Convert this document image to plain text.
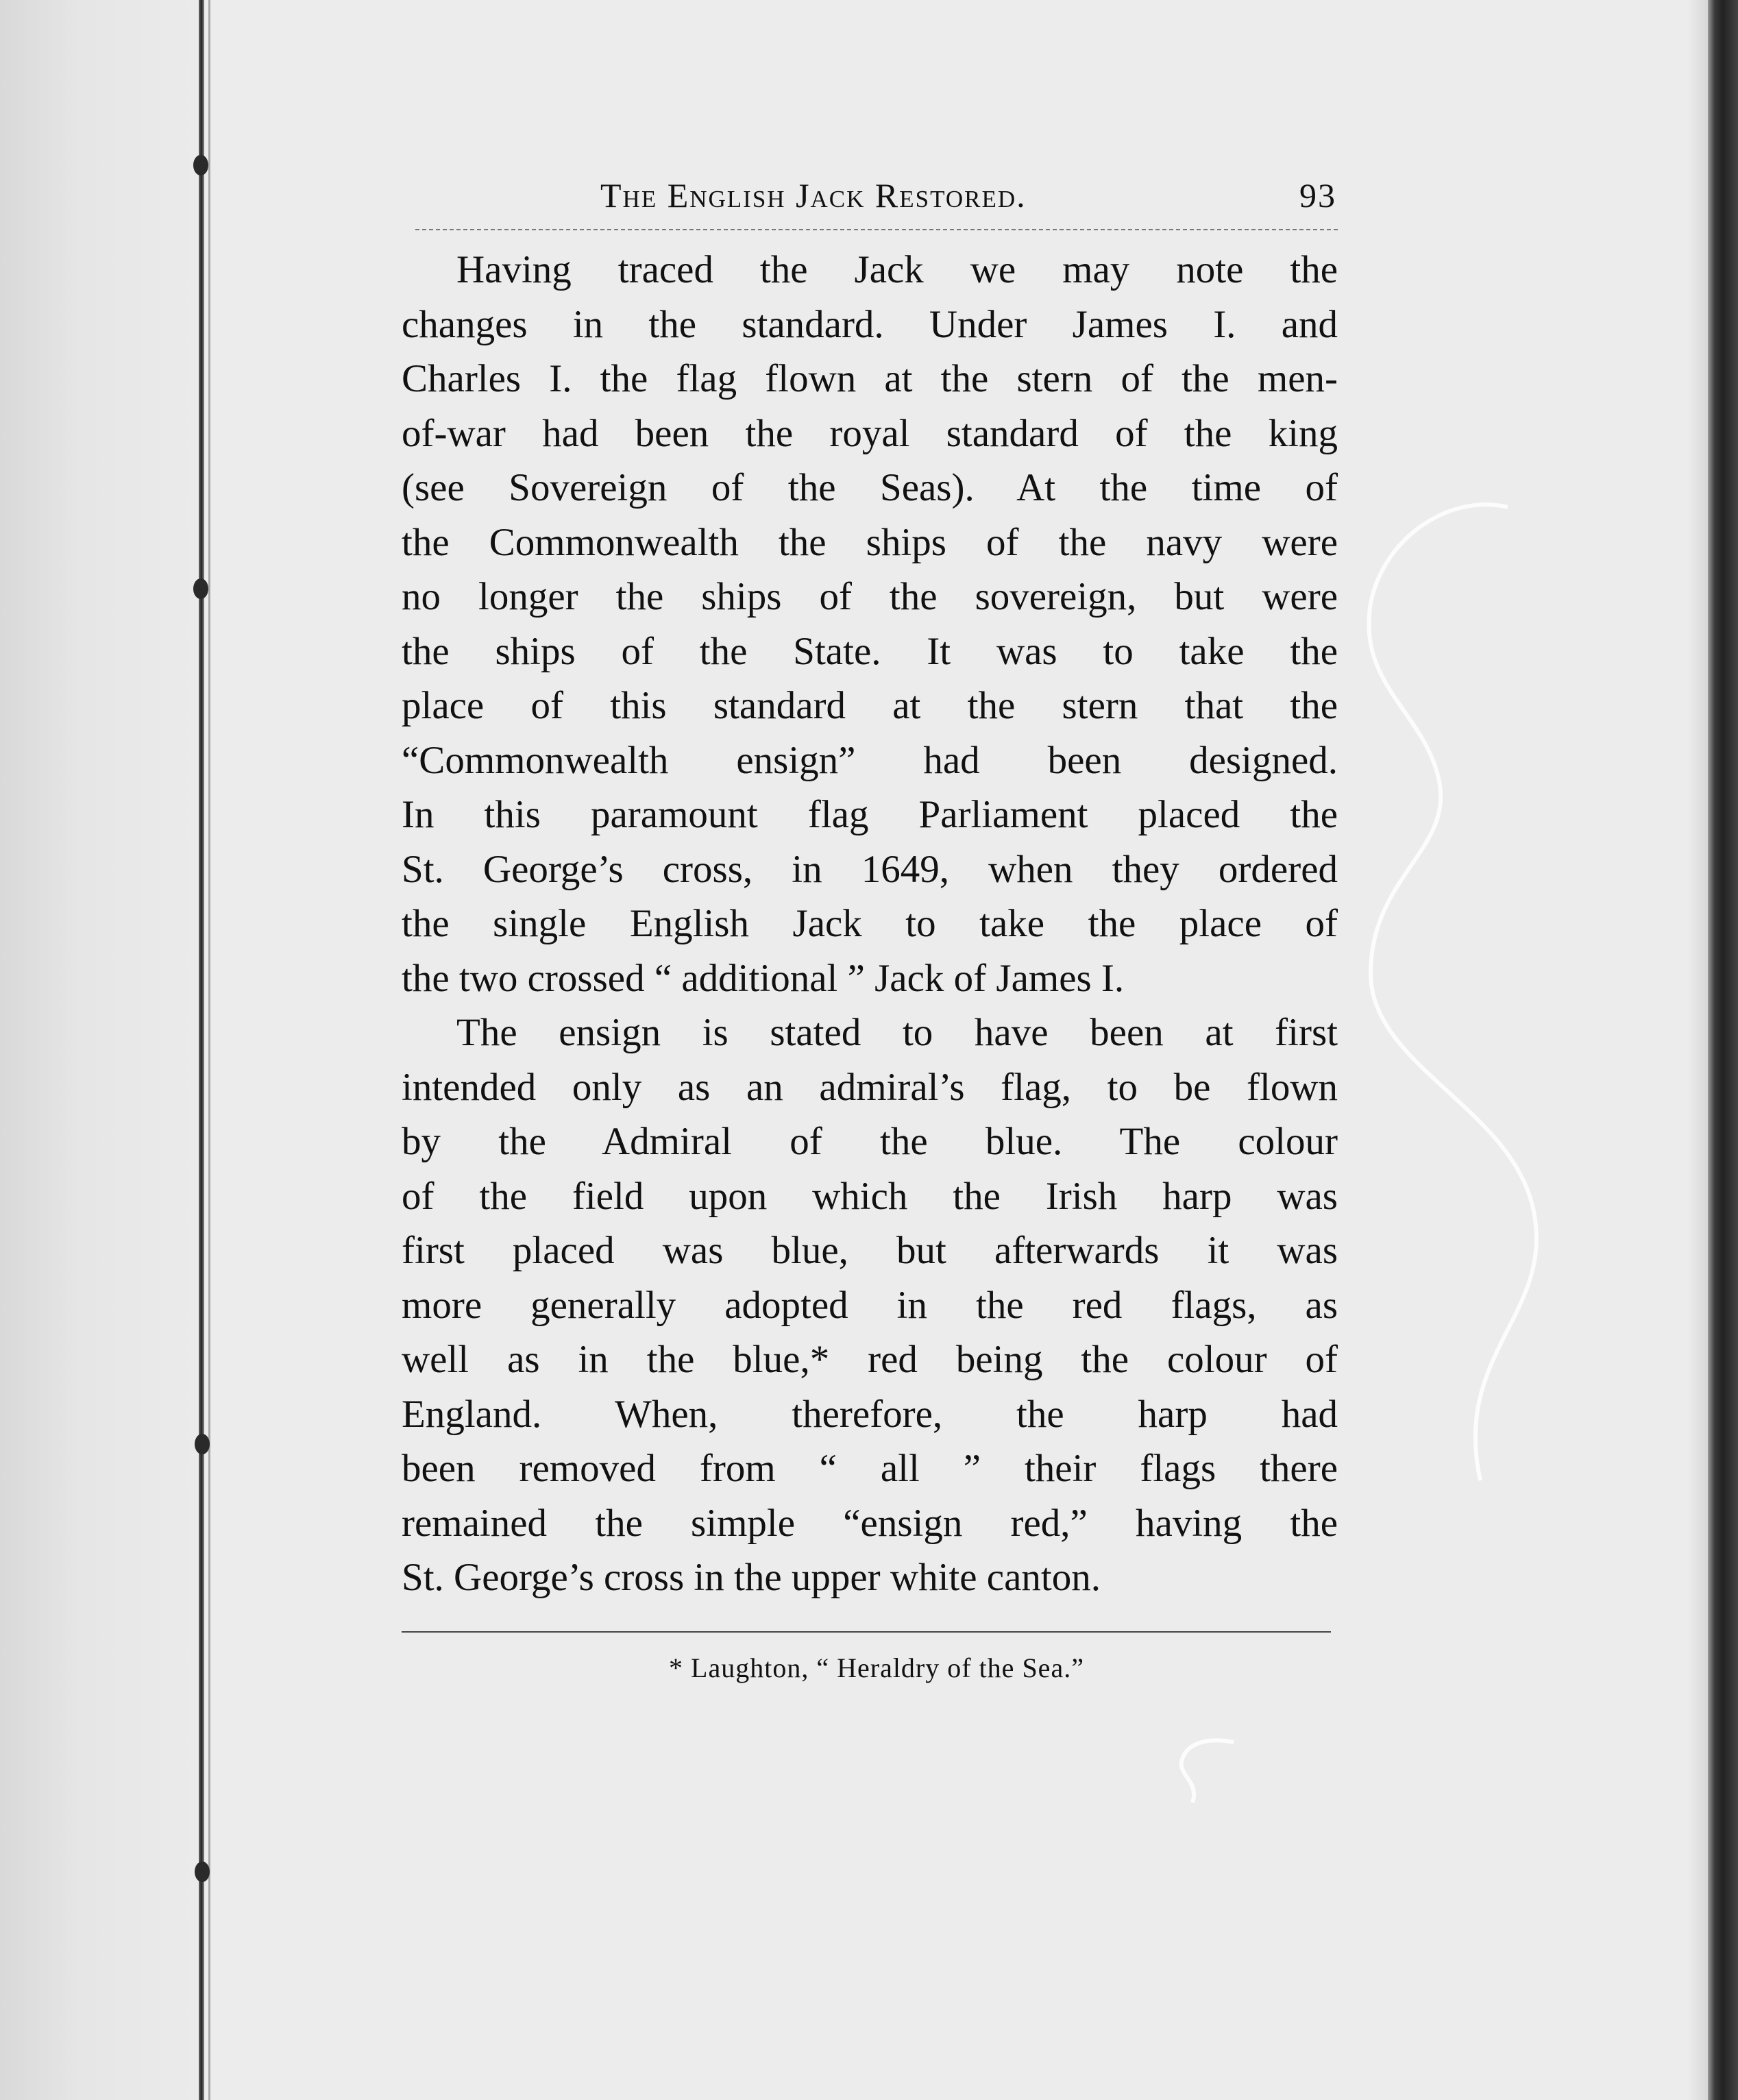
The English Jack Restored.	93
Having traced the Jack we may note the
changes in the standard. Under James I. and
Charles I. the flag flown at the stern of the men-
of-war had been the royal standard of the king
(see Sovereign of the Seas). At the time of
the Commonwealth the ships of the navy were
no longer the ships of the sovereign, but were
the ships of the State. It was to take the
place of this standard at the stern that the
“Commonwealth ensign” had been designed.
In this paramount flag Parliament placed the
St. George’s cross, in 1649, when they ordered
the single English Jack to take the place of
the two crossed “ additional ” Jack of James I.
The ensign is stated to have been at first
intended only as an admiral’s flag, to be flown
by the Admiral of the blue. The colour
of the field upon which the Irish harp was
first placed was blue, but afterwards it was
more generally adopted in the red flags, as
well as in the blue,* red being the colour of
England. When, therefore, the harp had
been removed from “ all ” their flags there
remained the simple “ensign red,” having the
St. George’s cross in the upper white canton.
* Laughton, “ Heraldry of the Sea.”
